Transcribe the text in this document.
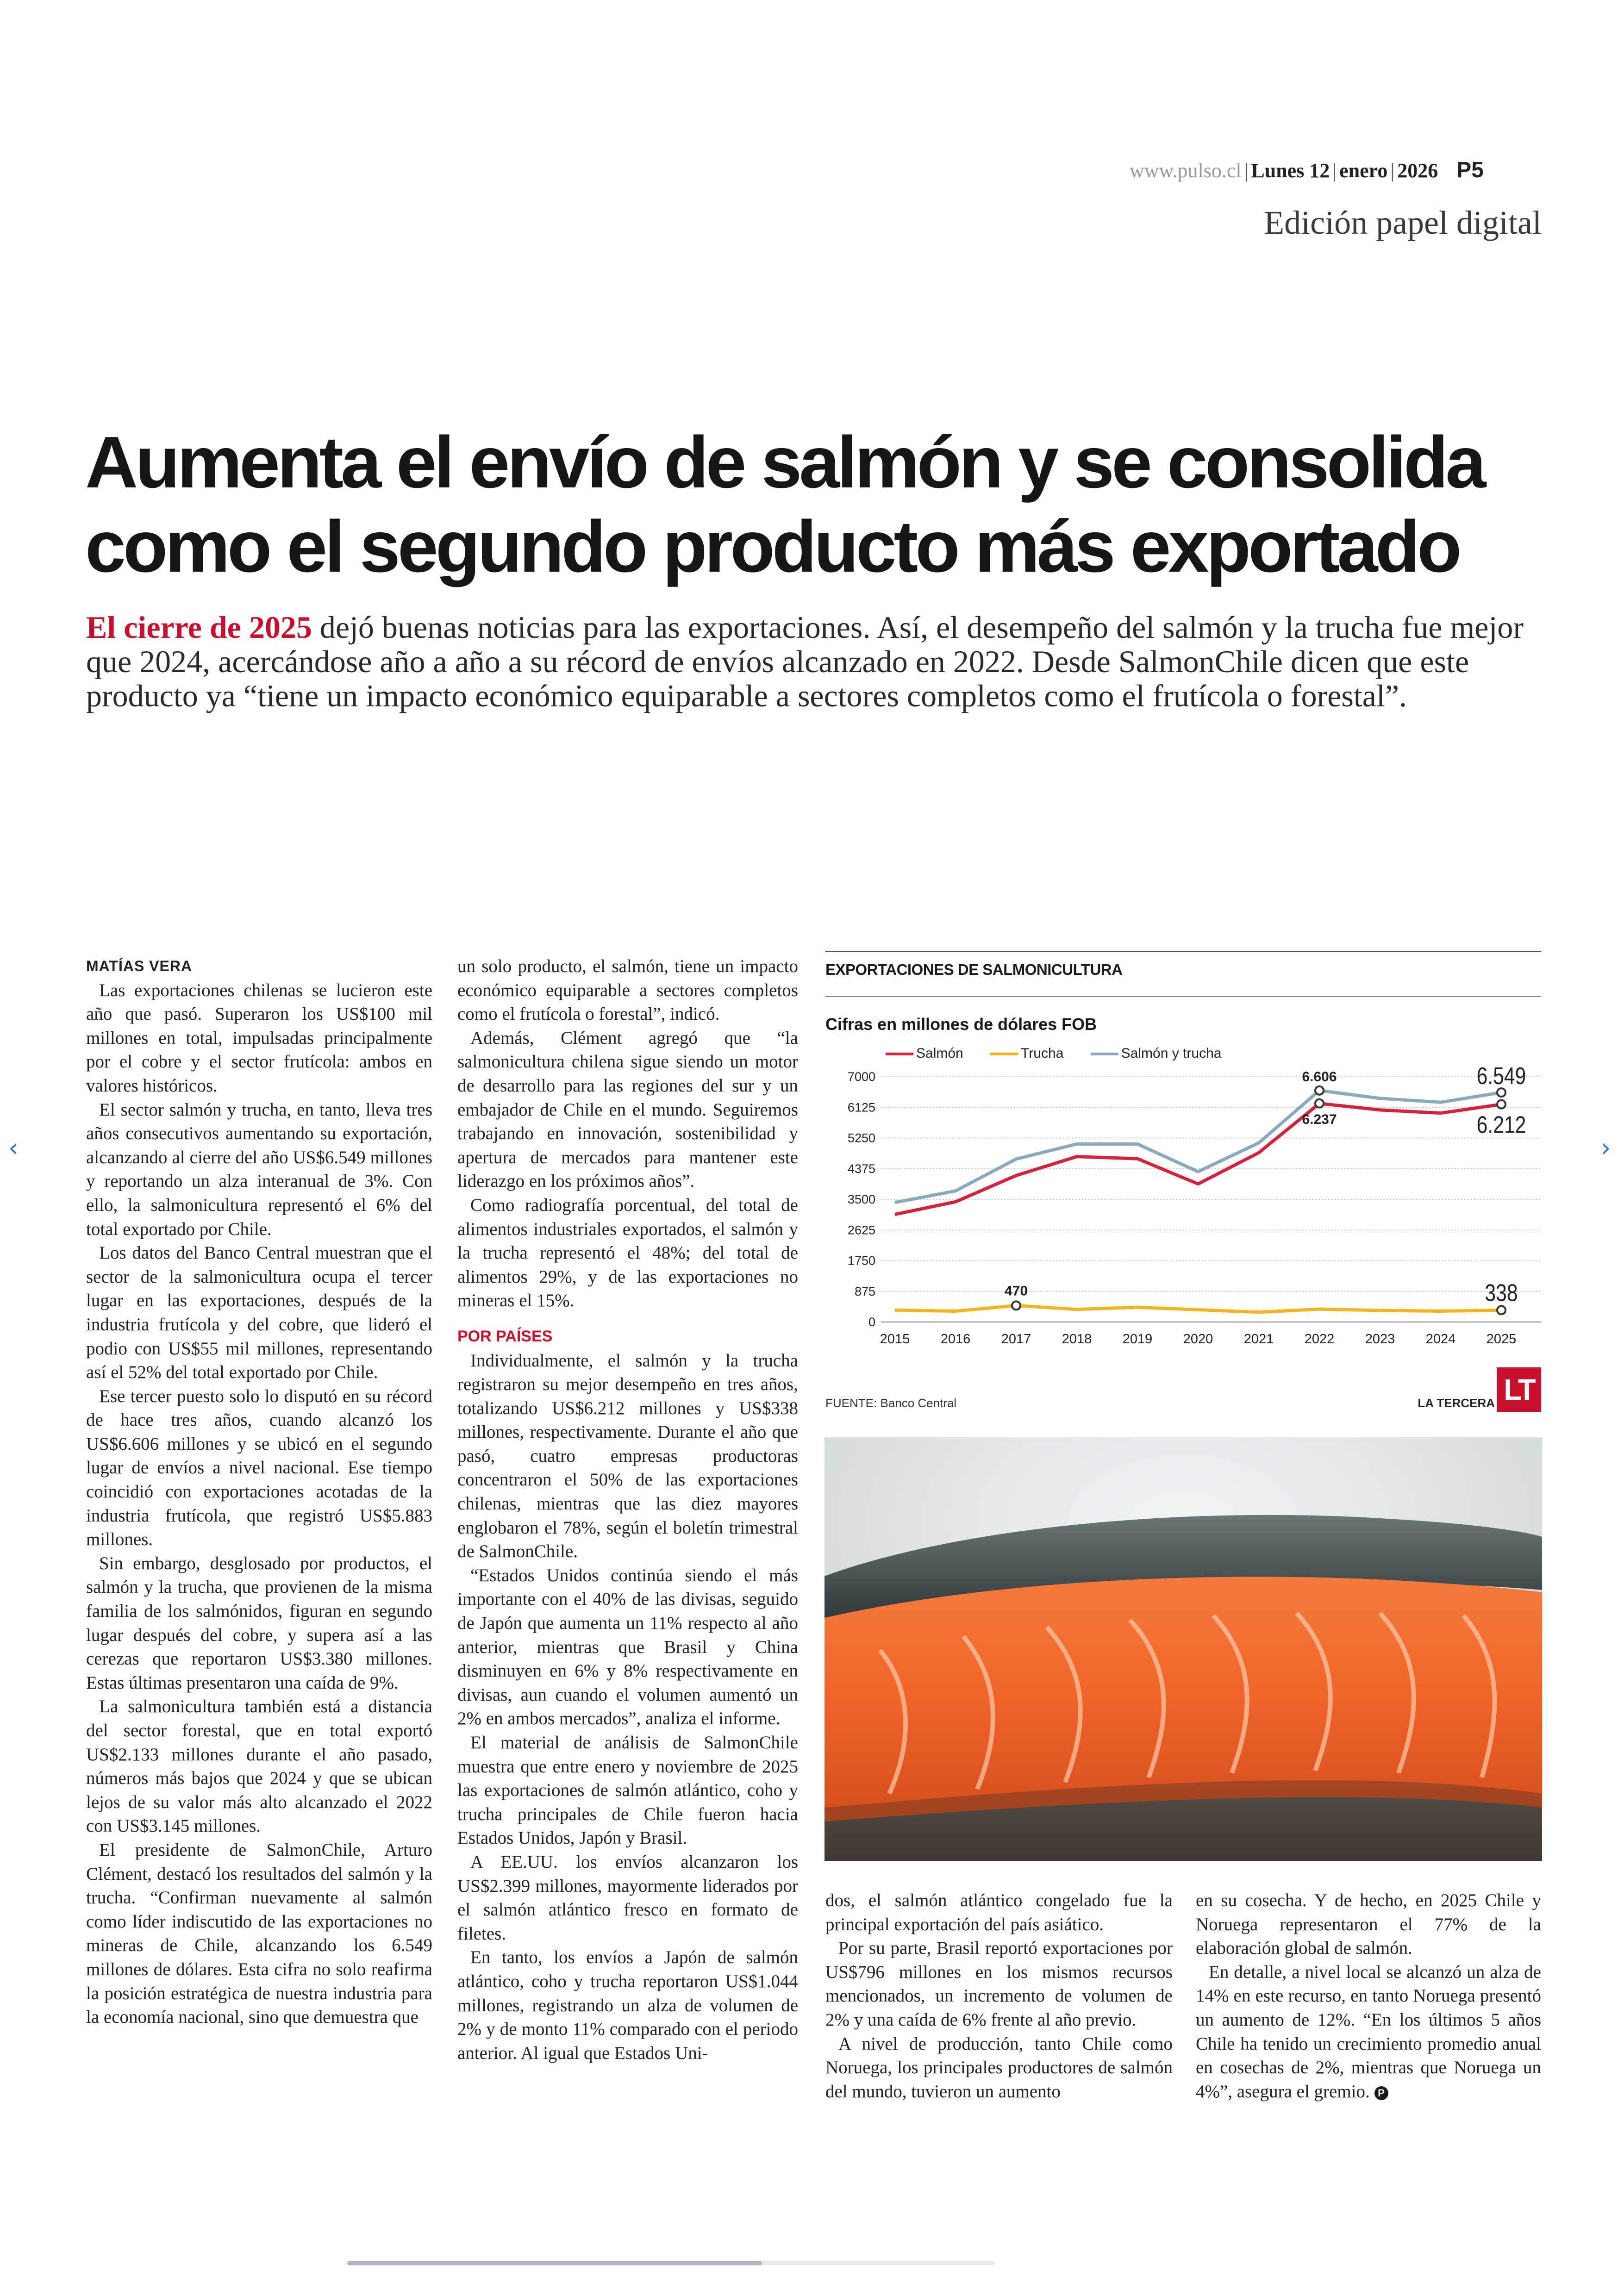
www.pulso.cl | Lunes 12 | enero | 2026 P5
Edición papel digital
Aumenta el envío de salmón y se consolida
como el segundo producto más exportado
El cierre de 2025 dejó buenas noticias para las exportaciones. Así, el desempeño del salmón y la trucha fue mejor que 2024, acercándose año a año a su récord de envíos alcanzado en 2022. Desde SalmonChile dicen que este producto ya “tiene un impacto económico equiparable a sectores completos como el frutícola o forestal”.

MATÍAS VERA

Las exportaciones chilenas se lucieron este año que pasó. Superaron los US$100 mil millones en total, impulsadas principalmente por el cobre y el sector frutícola: ambos en valores históricos.

El sector salmón y trucha, en tanto, lleva tres años consecutivos aumentando su exportación, alcanzando al cierre del año US$6.549 millones y reportando un alza interanual de 3%. Con ello, la salmonicultura representó el 6% del total exportado por Chile.

Los datos del Banco Central muestran que el sector de la salmonicultura ocupa el tercer lugar en las exportaciones, después de la industria frutícola y del cobre, que lideró el podio con US$55 mil millones, representando así el 52% del total exportado por Chile.

Ese tercer puesto solo lo disputó en su récord de hace tres años, cuando alcanzó los US$6.606 millones y se ubicó en el segundo lugar de envíos a nivel nacional. Ese tiempo coincidió con exportaciones acotadas de la industria frutícola, que registró US$5.883 millones.

Sin embargo, desglosado por productos, el salmón y la trucha, que provienen de la misma familia de los salmónidos, figuran en segundo lugar después del cobre, y supera así a las cerezas que reportaron US$3.380 millones. Estas últimas presentaron una caída de 9%.

La salmonicultura también está a distancia del sector forestal, que en total exportó US$2.133 millones durante el año pasado, números más bajos que 2024 y que se ubican lejos de su valor más alto alcanzado el 2022 con US$3.145 millones.

El presidente de SalmonChile, Arturo Clément, destacó los resultados del salmón y la trucha. “Confirman nuevamente al salmón como líder indiscutido de las exportaciones no mineras de Chile, alcanzando los 6.549 millones de dólares. Esta cifra no solo reafirma la posición estratégica de nuestra industria para la economía nacional, sino que demuestra que

un solo producto, el salmón, tiene un impacto económico equiparable a sectores completos como el frutícola o forestal”, indicó.

Además, Clément agregó que “la salmonicultura chilena sigue siendo un motor de desarrollo para las regiones del sur y un embajador de Chile en el mundo. Seguiremos trabajando en innovación, sostenibilidad y apertura de mercados para mantener este liderazgo en los próximos años”.

Como radiografía porcentual, del total de alimentos industriales exportados, el salmón y la trucha representó el 48%; del total de alimentos 29%, y de las exportaciones no mineras el 15%.

POR PAÍSES

Individualmente, el salmón y la trucha registraron su mejor desempeño en tres años, totalizando US$6.212 millones y US$338 millones, respectivamente. Durante el año que pasó, cuatro empresas productoras concentraron el 50% de las exportaciones chilenas, mientras que las diez mayores englobaron el 78%, según el boletín trimestral de SalmonChile.

“Estados Unidos continúa siendo el más importante con el 40% de las divisas, seguido de Japón que aumenta un 11% respecto al año anterior, mientras que Brasil y China disminuyen en 6% y 8% respectivamente en divisas, aun cuando el volumen aumentó un 2% en ambos mercados”, analiza el informe.

El material de análisis de SalmonChile muestra que entre enero y noviembre de 2025 las exportaciones de salmón atlántico, coho y trucha principales de Chile fueron hacia Estados Unidos, Japón y Brasil.

A EE.UU. los envíos alcanzaron los US$2.399 millones, mayormente liderados por el salmón atlántico fresco en formato de filetes.

En tanto, los envíos a Japón de salmón atlántico, coho y trucha reportaron US$1.044 millones, registrando un alza de volumen de 2% y de monto 11% comparado con el periodo anterior. Al igual que Estados Uni-

EXPORTACIONES DE SALMONICULTURA
Cifras en millones de dólares FOB
Salmón	Trucha	Salmón y trucha
0
875
1750
2625
3500
4375
5250
6125
7000
2015 2016 2017 2018 2019 2020 2021 2022 2023 2024 2025
6.606
6.237
470
6.549
6.212
338
FUENTE: Banco Central	LA TERCERA LT

dos, el salmón atlántico congelado fue la principal exportación del país asiático.

Por su parte, Brasil reportó exportaciones por US$796 millones en los mismos recursos mencionados, un incremento de volumen de 2% y una caída de 6% frente al año previo.

A nivel de producción, tanto Chile como Noruega, los principales productores de salmón del mundo, tuvieron un aumento

en su cosecha. Y de hecho, en 2025 Chile y Noruega representaron el 77% de la elaboración global de salmón.

En detalle, a nivel local se alcanzó un alza de 14% en este recurso, en tanto Noruega presentó un aumento de 12%. “En los últimos 5 años Chile ha tenido un crecimiento promedio anual en cosechas de 2%, mientras que Noruega un 4%”, asegura el gremio. P

‹	›
